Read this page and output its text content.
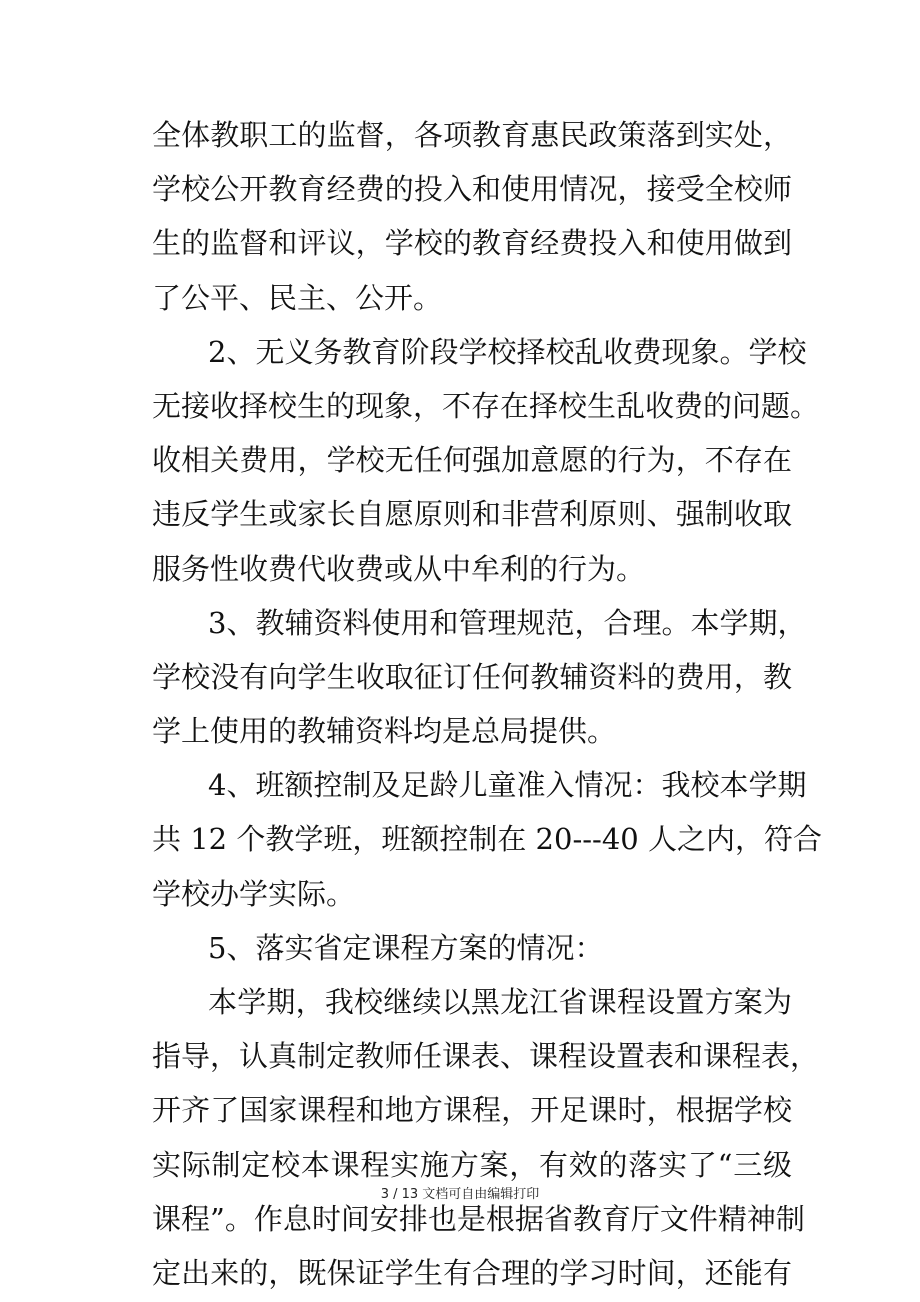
全体教职工的监督，各项教育惠民政策落到实处，
学校公开教育经费的投入和使用情况，接受全校师
生的监督和评议，学校的教育经费投入和使用做到
了公平、民主、公开。
2、无义务教育阶段学校择校乱收费现象。学校
无接收择校生的现象，不存在择校生乱收费的问题。
收相关费用，学校无任何强加意愿的行为，不存在
违反学生或家长自愿原则和非营利原则、强制收取
服务性收费代收费或从中牟利的行为。
3、教辅资料使用和管理规范，合理。本学期，
学校没有向学生收取征订任何教辅资料的费用，教
学上使用的教辅资料均是总局提供。
4、班额控制及足龄儿童准入情况：我校本学期
共 12 个教学班，班额控制在 20---40 人之内，符合
学校办学实际。
5、落实省定课程方案的情况：
本学期，我校继续以黑龙江省课程设置方案为
指导，认真制定教师任课表、课程设置表和课程表，
开齐了国家课程和地方课程，开足课时，根据学校
实际制定校本课程实施方案，有效的落实了“三级
课程”。作息时间安排也是根据省教育厅文件精神制
定出来的，既保证学生有合理的学习时间，还能有
3 / 13 文档可自由编辑打印
